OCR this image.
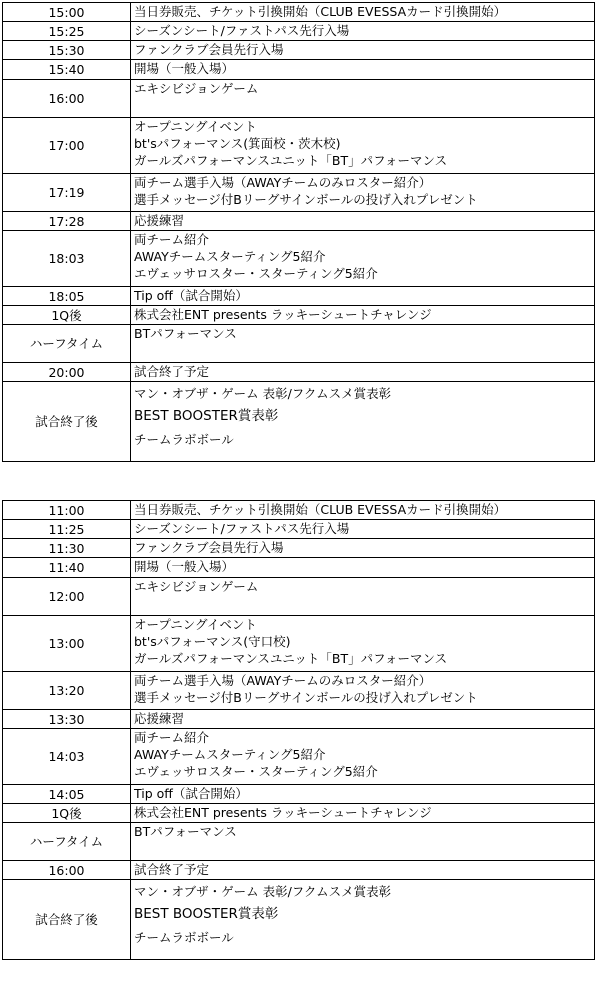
15:00	当日券販売、チケット引換開始（CLUB EVESSAカード引換開始）

15:25	シーズンシート/ファストパス先行入場

15:30	ファンクラブ会員先行入場

15:40	開場（一般入場）

16:00	エキシビジョンゲーム

17:00	オープニングイベント
bt'sパフォーマンス(箕面校・茨木校)
ガールズパフォーマンスユニット「BT」パフォーマンス

17:19	両チーム選手入場（AWAYチームのみロスター紹介）
選手メッセージ付Bリーグサインボールの投げ入れプレゼント

17:28	応援練習

18:03	両チーム紹介
AWAYチームスターティング5紹介
エヴェッサロスター・スターティング5紹介

18:05	Tip off（試合開始）

1Q後	株式会社ENT presents ラッキーシュートチャレンジ

ハーフタイム	BTパフォーマンス

20:00	試合終了予定

試合終了後	マン・オブザ・ゲーム 表彰/フクムスメ賞表彰
BEST BOOSTER賞表彰
チームラボボール
11:00	当日券販売、チケット引換開始（CLUB EVESSAカード引換開始）

11:25	シーズンシート/ファストパス先行入場

11:30	ファンクラブ会員先行入場

11:40	開場（一般入場）

12:00	エキシビジョンゲーム

13:00	オープニングイベント
bt'sパフォーマンス(守口校)
ガールズパフォーマンスユニット「BT」パフォーマンス

13:20	両チーム選手入場（AWAYチームのみロスター紹介）
選手メッセージ付Bリーグサインボールの投げ入れプレゼント

13:30	応援練習

14:03	両チーム紹介
AWAYチームスターティング5紹介
エヴェッサロスター・スターティング5紹介

14:05	Tip off（試合開始）

1Q後	株式会社ENT presents ラッキーシュートチャレンジ

ハーフタイム	BTパフォーマンス

16:00	試合終了予定

試合終了後	マン・オブザ・ゲーム 表彰/フクムスメ賞表彰
BEST BOOSTER賞表彰
チームラボボール
